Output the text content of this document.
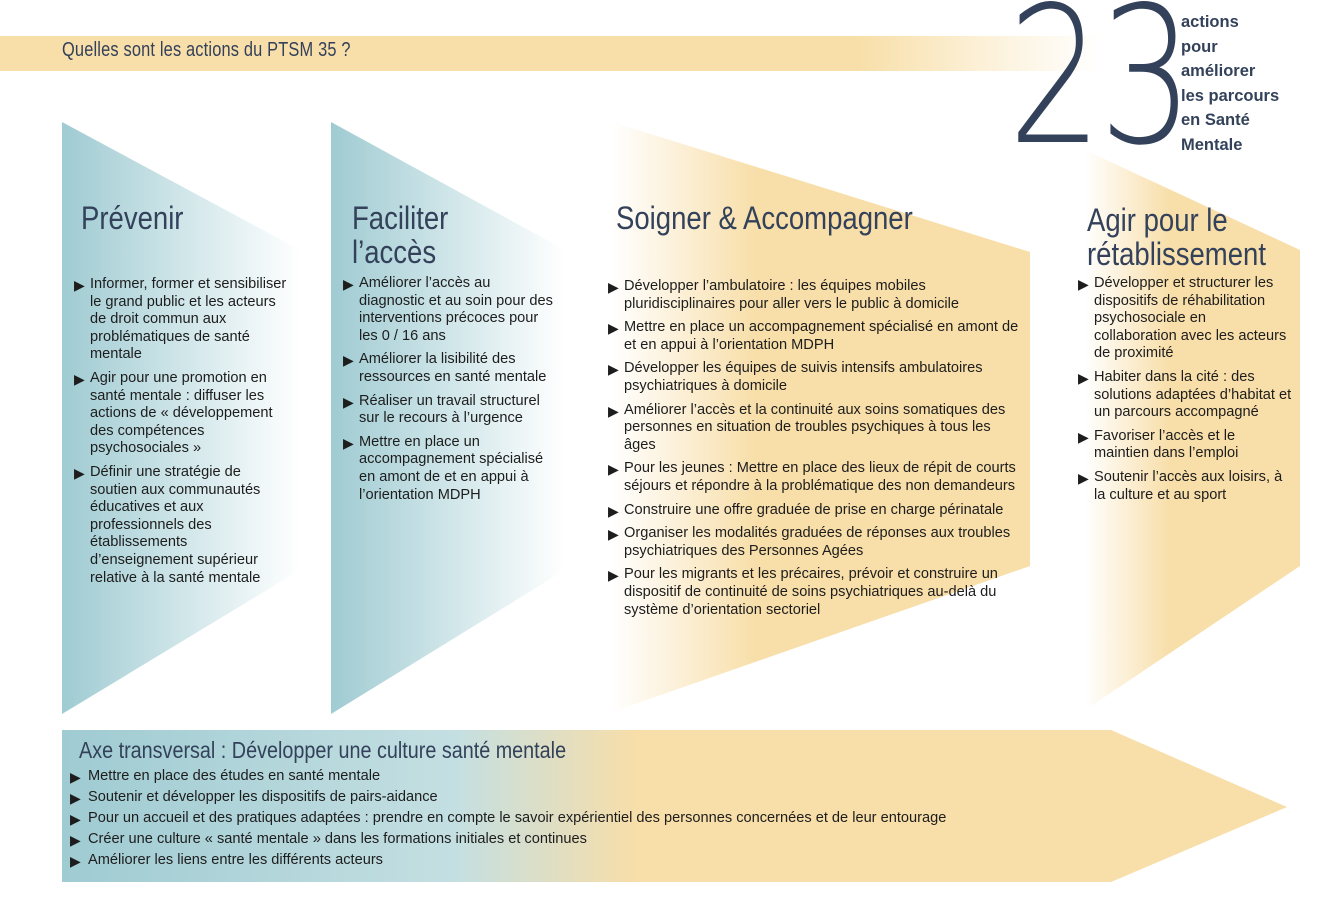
Quelles sont les actions du PTSM 35 ?	23
actions
pour
améliorer
les parcours
en Santé
Mentale
Prévenir
▶ Informer, former et sensibiliser le grand public et les acteurs de droit commun aux problématiques de santé mentale
▶ Agir pour une promotion en santé mentale : diffuser les actions de « développement des compétences psychosociales »
▶ Définir une stratégie de soutien aux communautés éducatives et aux professionnels des établissements d’enseignement supérieur relative à la santé mentale
Faciliter
l’accès
▶ Améliorer l’accès au diagnostic et au soin pour des interventions précoces pour les 0 / 16 ans
▶ Améliorer la lisibilité des ressources en santé mentale
▶ Réaliser un travail structurel sur le recours à l’urgence
▶ Mettre en place un accompagnement spécialisé en amont de et en appui à l’orientation MDPH
Soigner & Accompagner
▶ Développer l’ambulatoire : les équipes mobiles pluridisciplinaires pour aller vers le public à domicile
▶ Mettre en place un accompagnement spécialisé en amont de et en appui à l’orientation MDPH
▶ Développer les équipes de suivis intensifs ambulatoires psychiatriques à domicile
▶ Améliorer l’accès et la continuité aux soins somatiques des personnes en situation de troubles psychiques à tous les âges
▶ Pour les jeunes : Mettre en place des lieux de répit de courts séjours et répondre à la problématique des non demandeurs
▶ Construire une offre graduée de prise en charge périnatale
▶ Organiser les modalités graduées de réponses aux troubles psychiatriques des Personnes Agées
▶ Pour les migrants et les précaires, prévoir et construire un dispositif de continuité de soins psychiatriques au-delà du système d’orientation sectoriel
Agir pour le
rétablissement
▶ Développer et structurer les dispositifs de réhabilitation psychosociale en collaboration avec les acteurs de proximité
▶ Habiter dans la cité : des solutions adaptées d’habitat et un parcours accompagné
▶ Favoriser l’accès et le maintien dans l’emploi
▶ Soutenir l’accès aux loisirs, à la culture et au sport
Axe transversal : Développer une culture santé mentale
▶ Mettre en place des études en santé mentale
▶ Soutenir et développer les dispositifs de pairs-aidance
▶ Pour un accueil et des pratiques adaptées : prendre en compte le savoir expérientiel des personnes concernées et de leur entourage
▶ Créer une culture « santé mentale » dans les formations initiales et continues
▶ Améliorer les liens entre les différents acteurs
